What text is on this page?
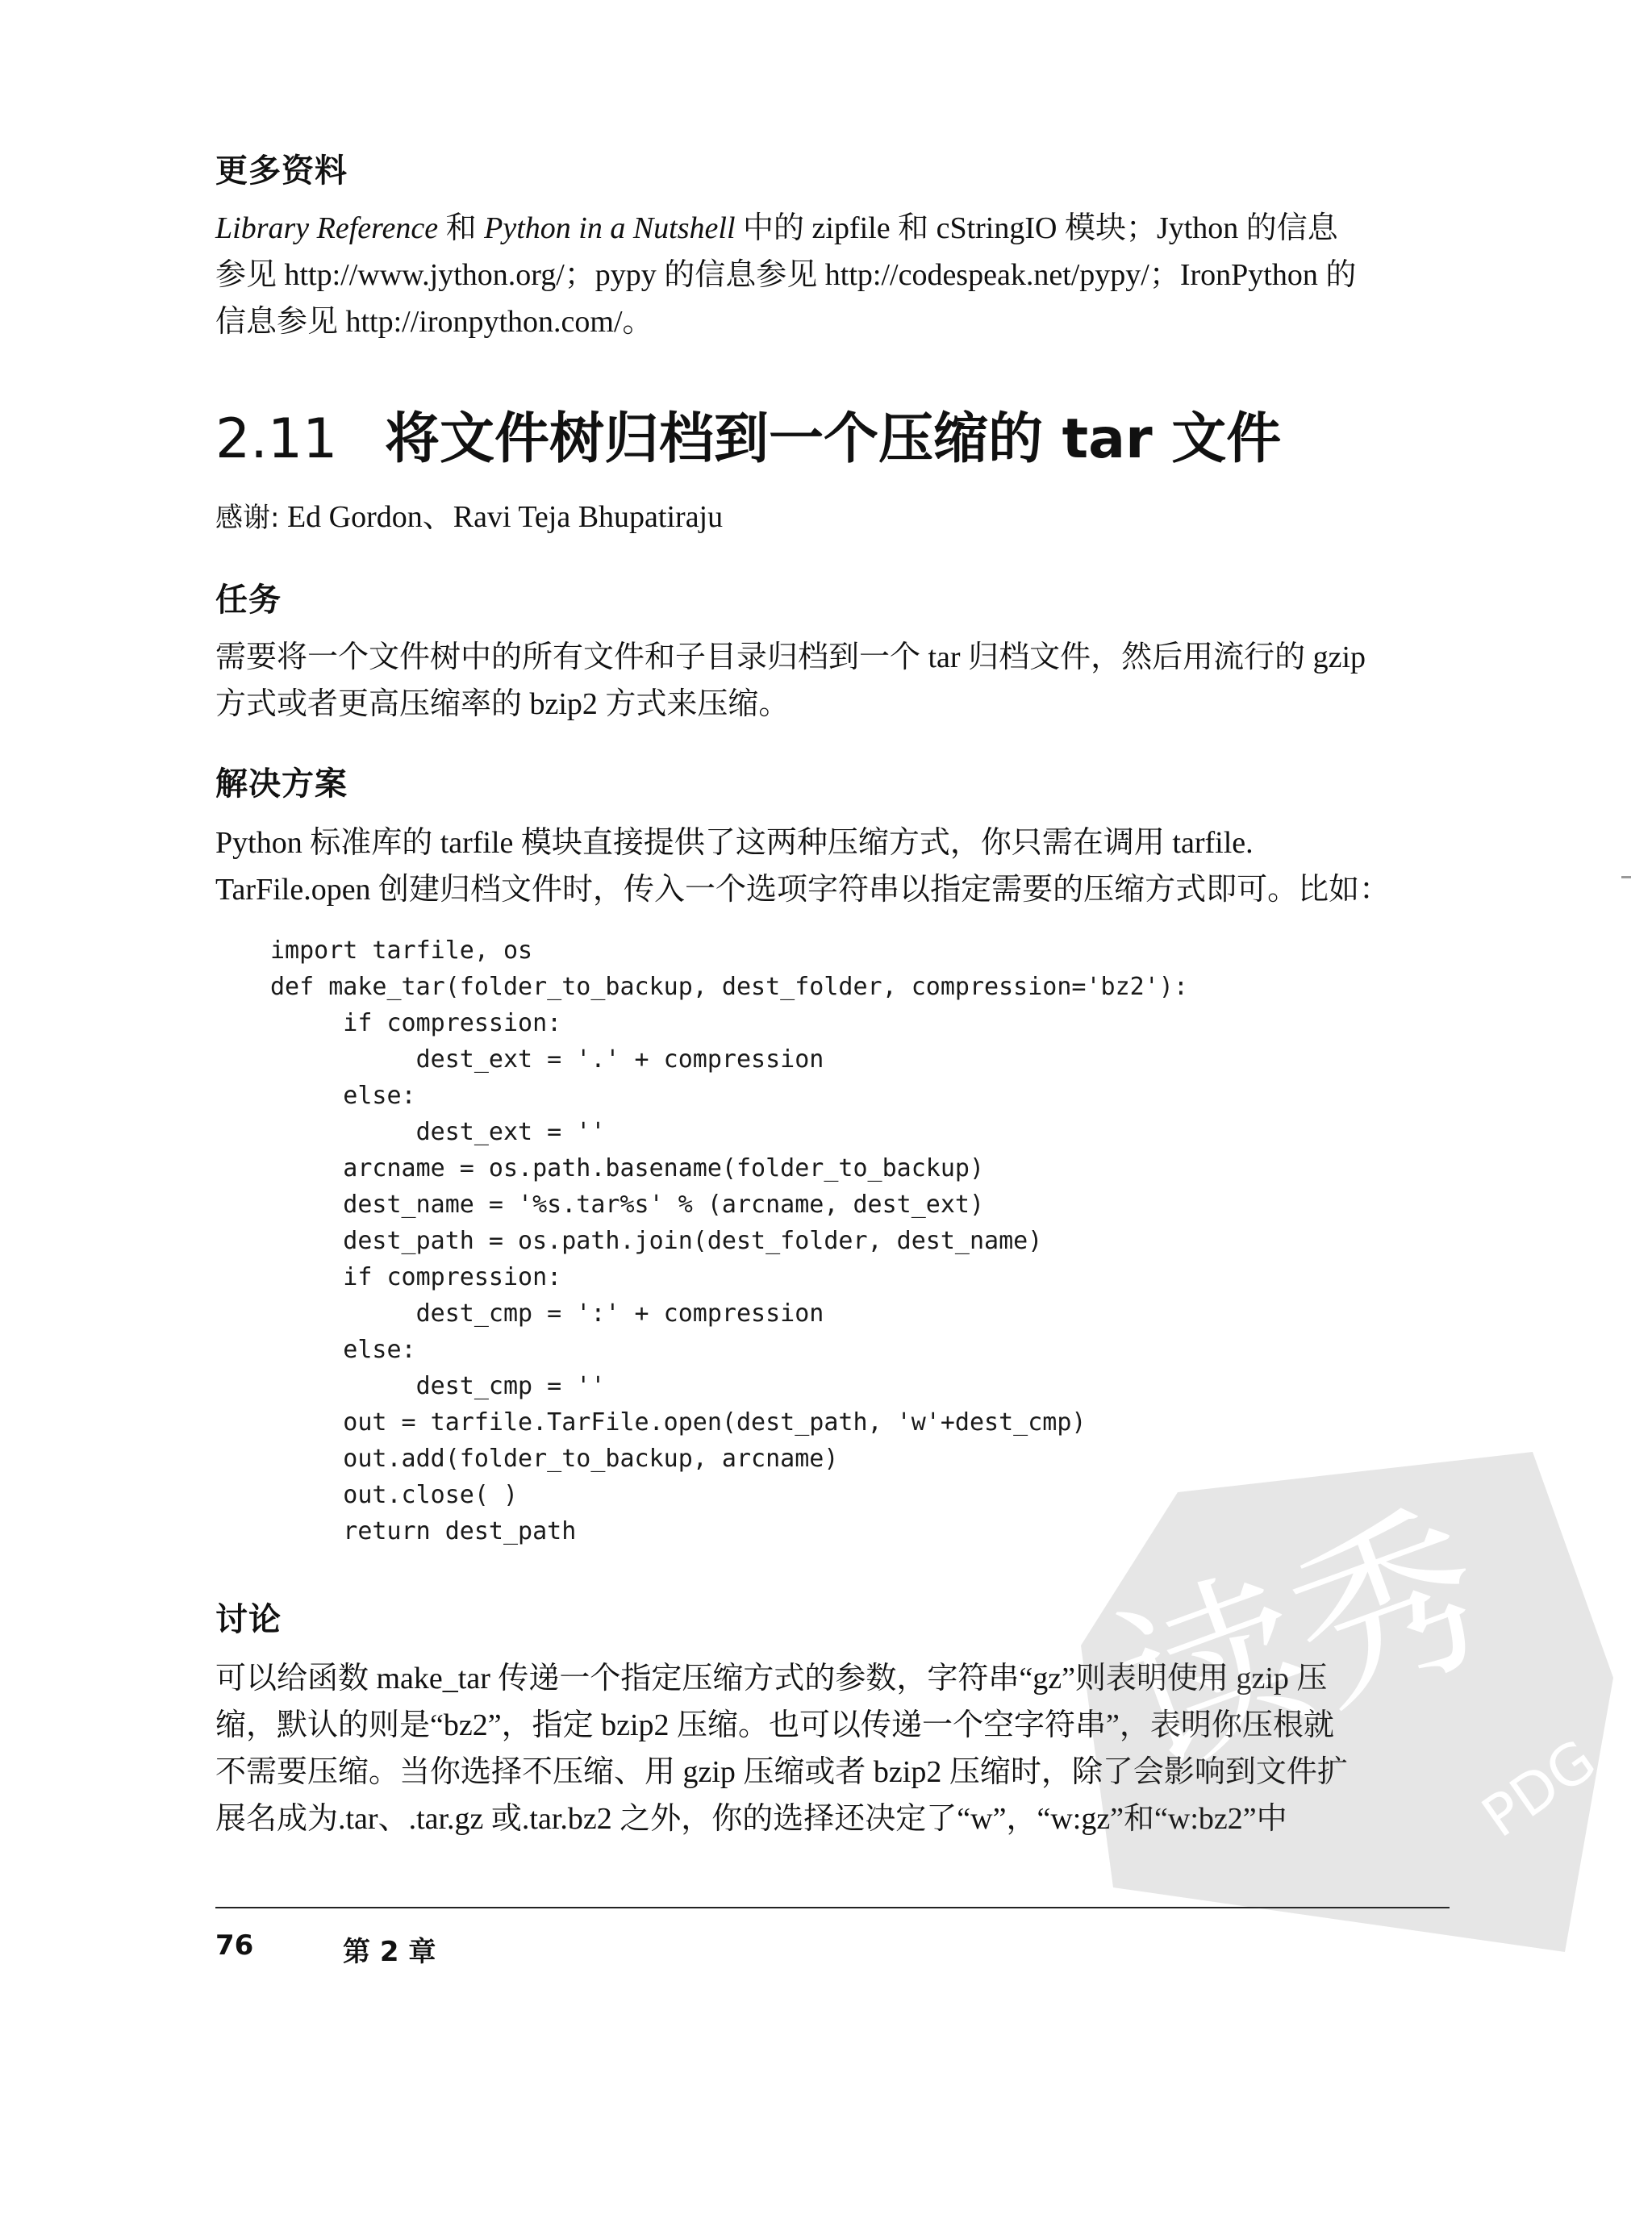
更多资料

Library Reference 和 Python in a Nutshell 中的 zipfile 和 cStringIO 模块；Jython 的信息

参见 http://www.jython.org/；pypy 的信息参见 http://codespeak.net/pypy/；IronPython 的

信息参见 http://ironpython.com/。

2.11 将文件树归档到一个压缩的 tar 文件
感谢: Ed Gordon、Ravi Teja Bhupatiraju
任务

需要将一个文件树中的所有文件和子目录归档到一个 tar 归档文件，然后用流行的 gzip

方式或者更高压缩率的 bzip2 方式来压缩。

解决方案

Python 标准库的 tarfile 模块直接提供了这两种压缩方式，你只需在调用 tarfile.

TarFile.open 创建归档文件时，传入一个选项字符串以指定需要的压缩方式即可。比如：

import tarfile, os
def make_tar(folder_to_backup, dest_folder, compression='bz2'):
if compression:
dest_ext = '.' + compression
else:
dest_ext = ''
arcname = os.path.basename(folder_to_backup)
dest_name = '%s.tar%s' % (arcname, dest_ext)
dest_path = os.path.join(dest_folder, dest_name)
if compression:
dest_cmp = ':' + compression
else:
dest_cmp = ''
out = tarfile.TarFile.open(dest_path, 'w'+dest_cmp)
out.add(folder_to_backup, arcname)
out.close( )
return dest_path
讨论

可以给函数 make_tar 传递一个指定压缩方式的参数，字符串“gz”则表明使用 gzip 压

缩，默认的则是“bz2”，指定 bzip2 压缩。也可以传递一个空字符串”，表明你压根就

不需要压缩。当你选择不压缩、用 gzip 压缩或者 bzip2 压缩时，除了会影响到文件扩

展名成为.tar、.tar.gz 或.tar.bz2 之外，你的选择还决定了“w”，“w:gz”和“w:bz2”中

76	第 2 章
读秀
PDG
